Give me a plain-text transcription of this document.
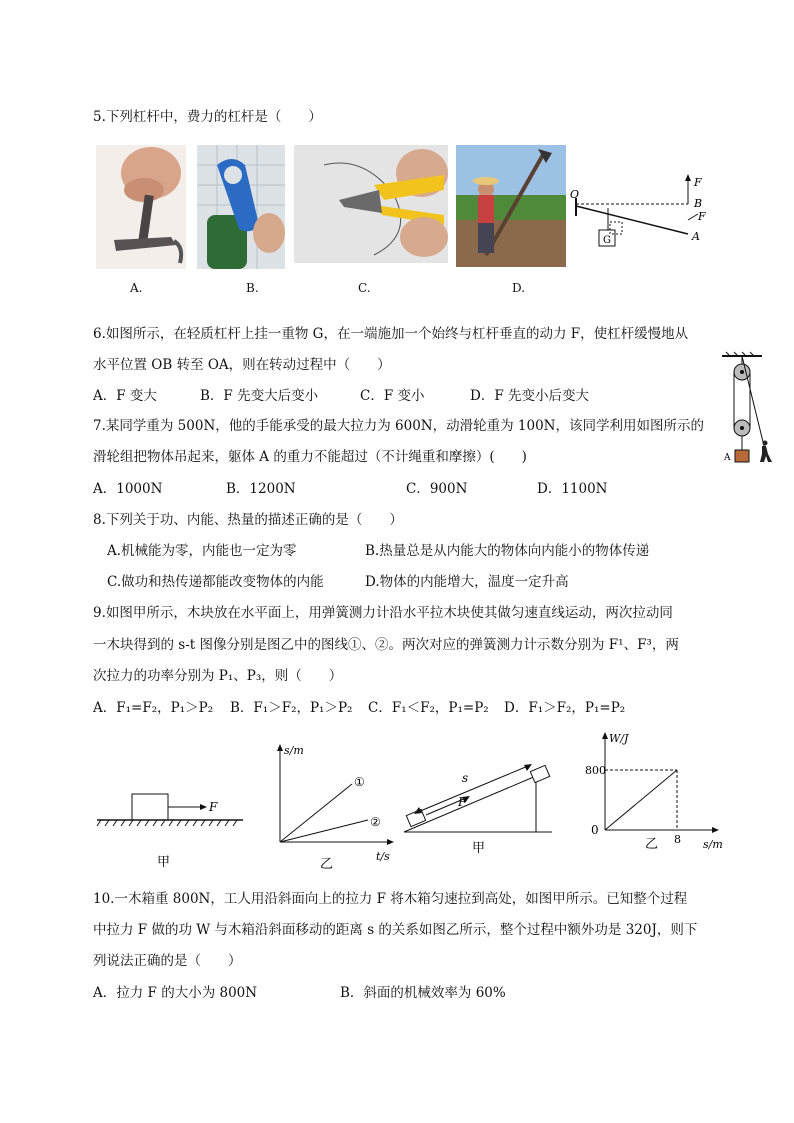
5.下列杠杆中，费力的杠杆是（　　）
O
B
A
F
F
G
A.	B.	C.	D.
6.如图所示，在轻质杠杆上挂一重物 G，在一端施加一个始终与杠杆垂直的动力 F，使杠杆缓慢地从
水平位置 OB 转至 OA，则在转动过程中（　　）
A．F 变大	B．F 先变大后变小	C．F 变小	D．F 先变小后变大
A
7.某同学重为 500N，他的手能承受的最大拉力为 600N，动滑轮重为 100N，该同学利用如图所示的
滑轮组把物体吊起来，躯体 A 的重力不能超过（不计绳重和摩擦）(　　)
A．1000N	B．1200N	C．900N	D．1100N
8.下列关于功、内能、热量的描述正确的是（　　）
A.机械能为零，内能也一定为零	B.热量总是从内能大的物体向内能小的物体传递
C.做功和热传递都能改变物体的内能	D.物体的内能增大，温度一定升高
9.如图甲所示，木块放在水平面上，用弹簧测力计沿水平拉木块使其做匀速直线运动，两次拉动同
一木块得到的 s-t 图像分别是图乙中的图线①、②。两次对应的弹簧测力计示数分别为 F¹、F³，两
次拉力的功率分别为 P₁、P₃，则（　　）
A．F₁=F₂，P₁＞P₂ B．F₁＞F₂，P₁＞P₂ C．F₁＜F₂，P₁=P₂ D．F₁＞F₂，P₁=P₂
F
甲
s/m
t/s
①
②
乙
s
F
甲
W/J
s/m
800
8
0
乙
10.一木箱重 800N，工人用沿斜面向上的拉力 F 将木箱匀速拉到高处，如图甲所示。已知整个过程
中拉力 F 做的功 W 与木箱沿斜面移动的距离 s 的关系如图乙所示，整个过程中额外功是 320J，则下
列说法正确的是（　　）
A．拉力 F 的大小为 800N	B．斜面的机械效率为 60%
